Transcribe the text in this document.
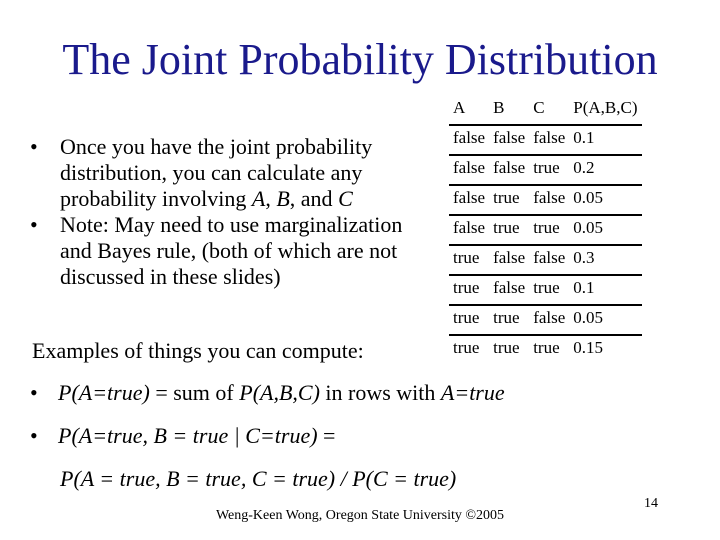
The Joint Probability Distribution
• Once you have the joint probability distribution, you can calculate any probability involving A, B, and C
• Note: May need to use marginalization and Bayes rule, (both of which are not discussed in these slides)
Examples of things you can compute:
A	B	C	P(A,B,C)
false	false	false	0.1
false	false	true	0.2
false	true	false	0.05
false	true	true	0.05
true	false	false	0.3
true	false	true	0.1
true	true	false	0.05
true	true	true	0.15
• P(A=true) = sum of P(A,B,C) in rows with A=true
• P(A=true, B = true | C=true) =
P(A = true, B = true, C = true) / P(C = true)
Weng-Keen Wong, Oregon State University ©2005
14
